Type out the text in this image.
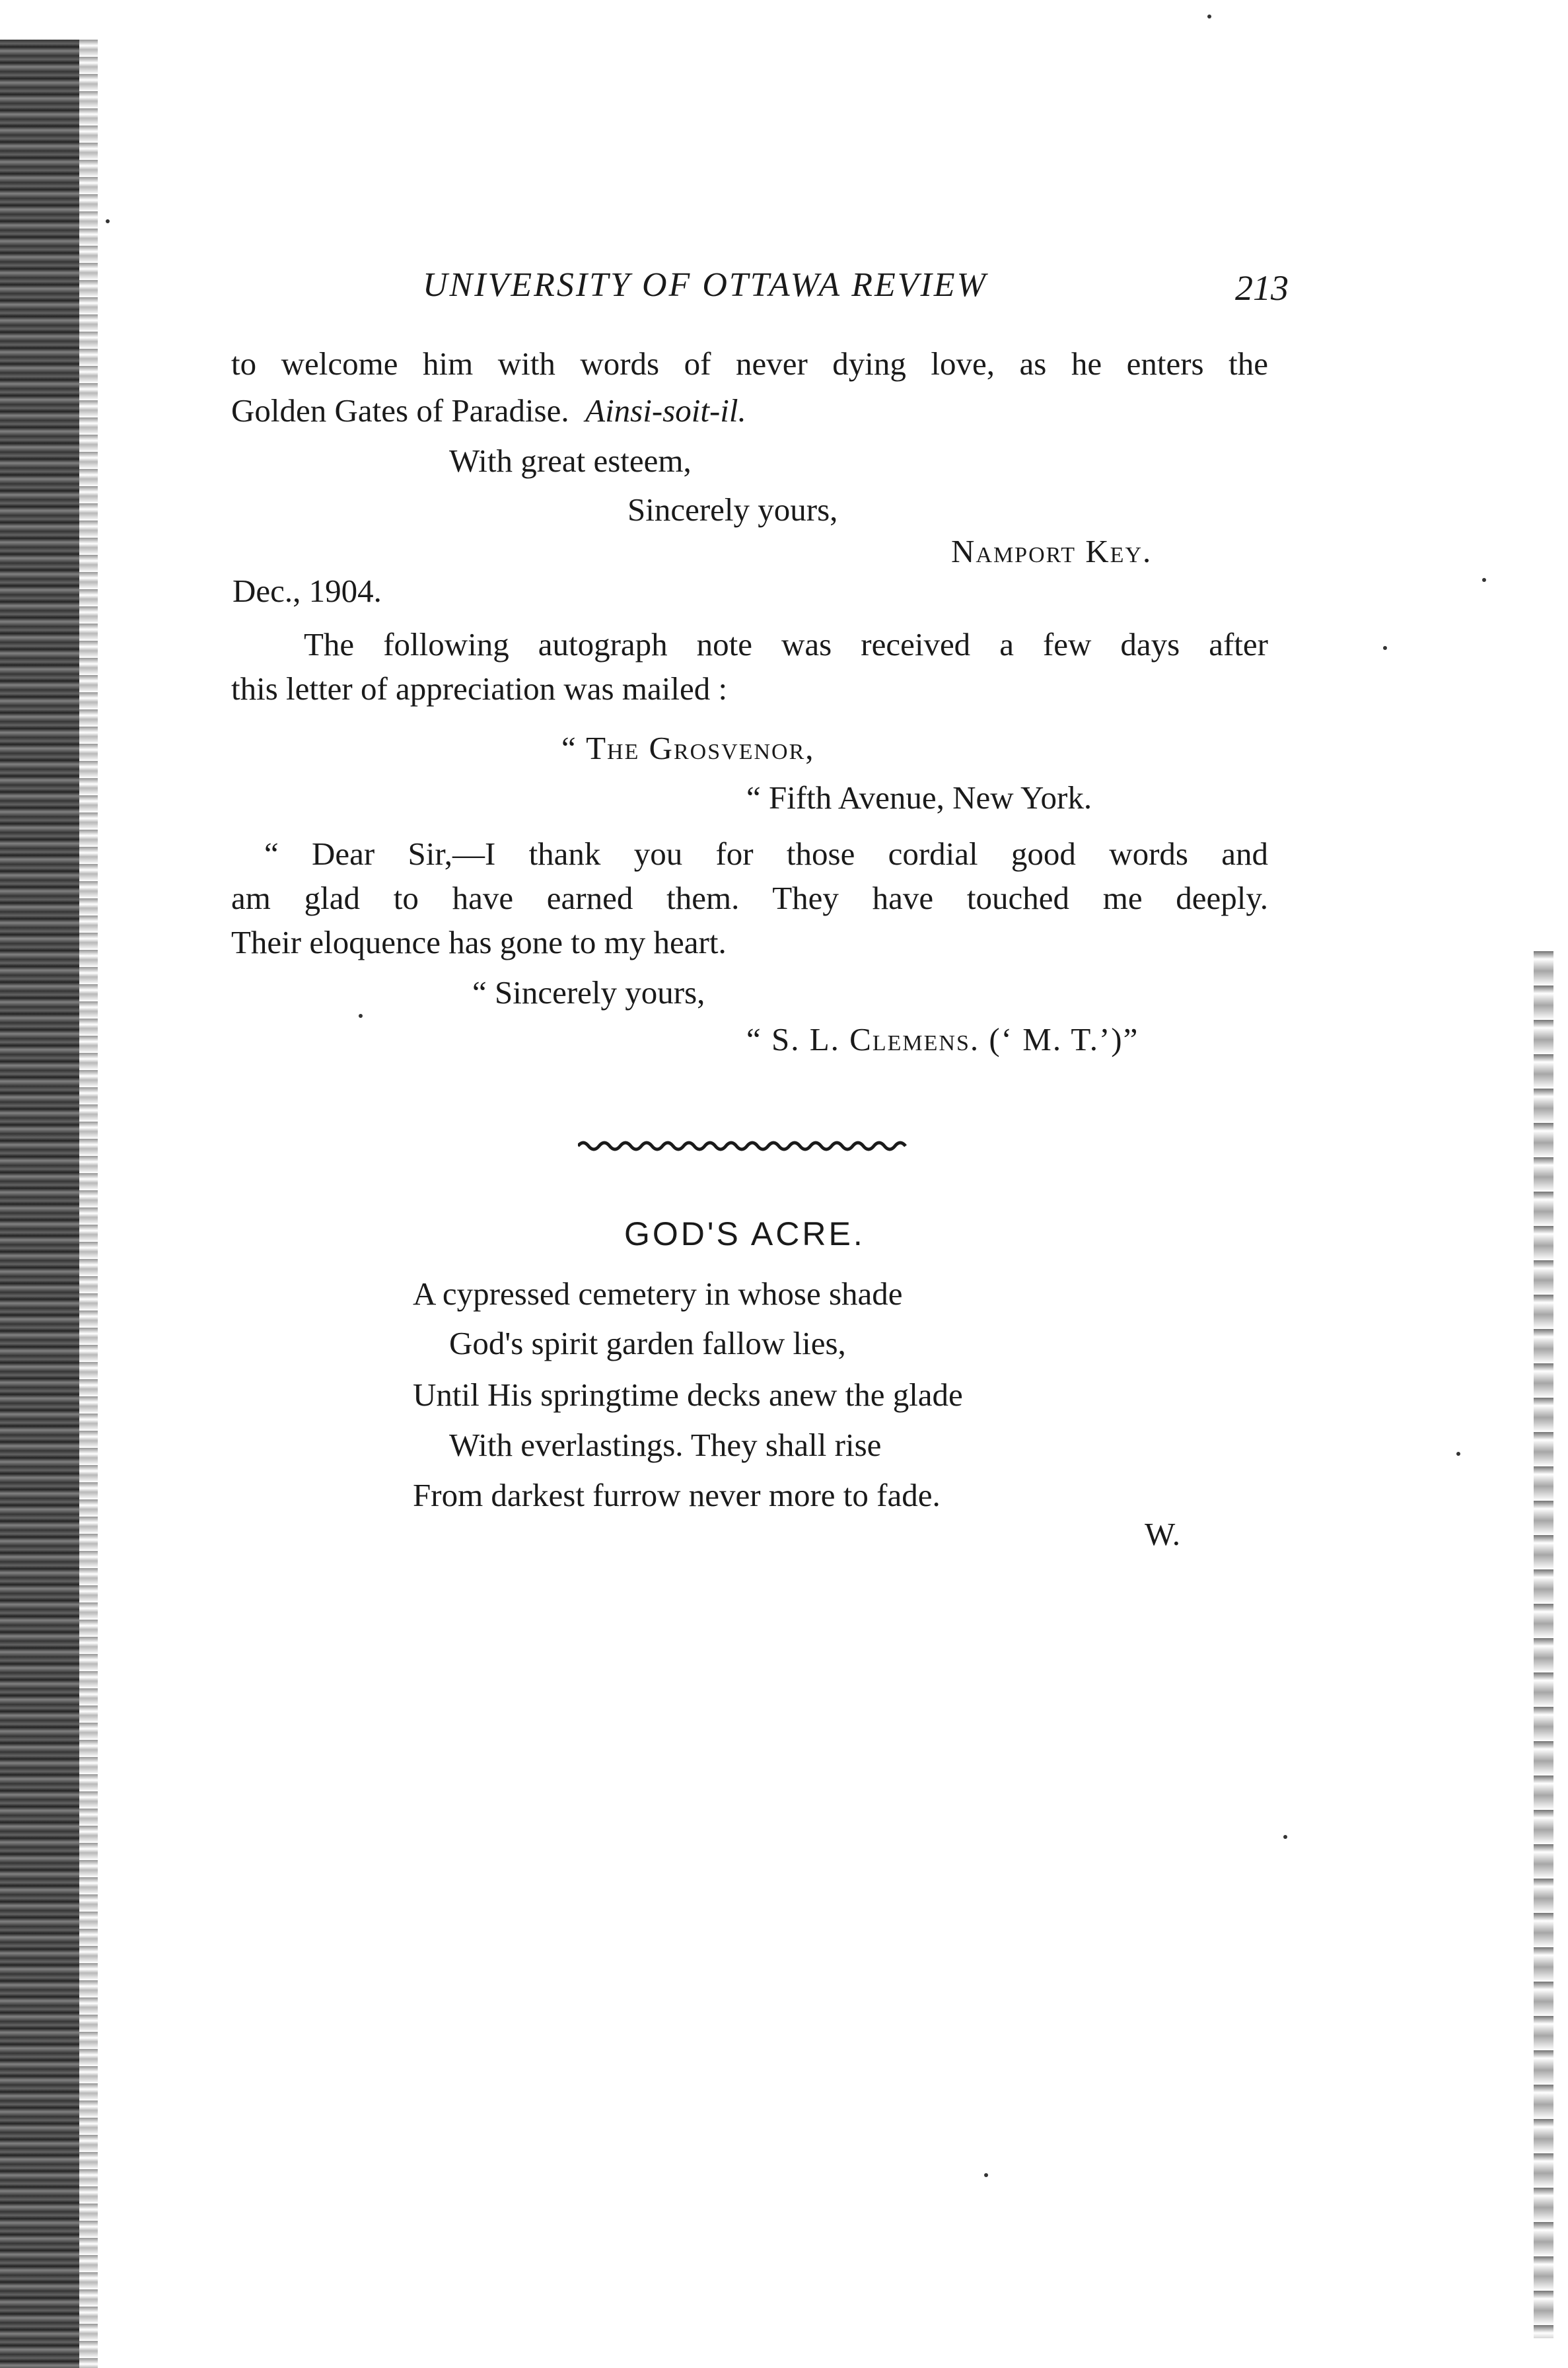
UNIVERSITY OF OTTAWA REVIEW	213
to welcome him with words of never dying love, as he enters the
Golden Gates of Paradise. Ainsi-soit-il.
With great esteem,
Sincerely yours,
Namport Key.
Dec., 1904.
The following autograph note was received a few days after
this letter of appreciation was mailed :
“ The Grosvenor,
“ Fifth Avenue, New York.
“ Dear Sir,—I thank you for those cordial good words and
am glad to have earned them. They have touched me deeply.
Their eloquence has gone to my heart.
“ Sincerely yours,
“ S. L. Clemens. (‘ M. T.’)”
GOD'S ACRE.
A cypressed cemetery in whose shade
God's spirit garden fallow lies,
Until His springtime decks anew the glade
With everlastings. They shall rise
From darkest furrow never more to fade.
W.
